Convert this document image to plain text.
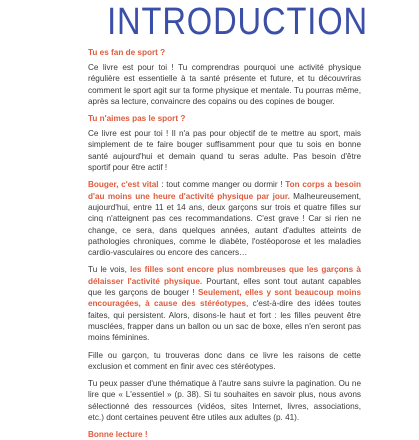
INTRODUCTION
Tu es fan de sport ?
Ce livre est pour toi ! Tu comprendras pourquoi une activité physique régulière est essentielle à ta santé présente et future, et tu découvriras comment le sport agit sur ta forme physique et mentale. Tu pourras même, après sa lecture, convaincre des copains ou des copines de bouger.
Tu n'aimes pas le sport ?
Ce livre est pour toi ! Il n'a pas pour objectif de te mettre au sport, mais simplement de te faire bouger suffisamment pour que tu sois en bonne santé aujourd'hui et demain quand tu seras adulte. Pas besoin d'être sportif pour être actif !
Bouger, c'est vital : tout comme manger ou dormir ! Ton corps a besoin d'au moins une heure d'activité physique par jour. Malheureusement, aujourd'hui, entre 11 et 14 ans, deux garçons sur trois et quatre filles sur cinq n'atteignent pas ces recommandations. C'est grave ! Car si rien ne change, ce sera, dans quelques années, autant d'adultes atteints de pathologies chroniques, comme le diabète, l'ostéoporose et les maladies cardio-vasculaires ou encore des cancers…
Tu le vois, les filles sont encore plus nombreuses que les garçons à délaisser l'activité physique. Pourtant, elles sont tout autant capables que les garçons de bouger ! Seulement, elles y sont beaucoup moins encouragées, à cause des stéréotypes, c'est-à-dire des idées toutes faites, qui persistent. Alors, disons-le haut et fort : les filles peuvent être musclées, frapper dans un ballon ou un sac de boxe, elles n'en seront pas moins féminines.
Fille ou garçon, tu trouveras donc dans ce livre les raisons de cette exclusion et comment en finir avec ces stéréotypes.
Tu peux passer d'une thématique à l'autre sans suivre la pagination. Ou ne lire que « L'essentiel » (p. 38). Si tu souhaites en savoir plus, nous avons sélectionné des ressources (vidéos, sites Internet, livres, associations, etc.) dont certaines peuvent être utiles aux adultes (p. 41).
Bonne lecture !
